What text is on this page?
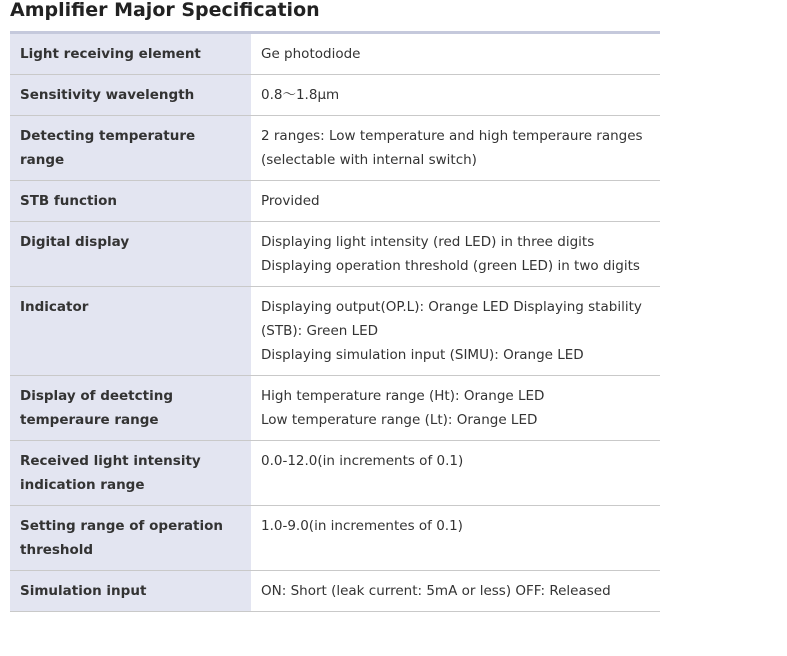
Amplifier Major Specification
Light receiving element	Ge photodiode

Sensitivity wavelength	0.8〜1.8μm

Detecting temperature range	2 ranges: Low temperature and high temperaure ranges
(selectable with internal switch)

STB function	Provided

Digital display	Displaying light intensity (red LED) in three digits
Displaying operation threshold (green LED) in two digits

Indicator	Displaying output(OP.L): Orange LED Displaying stability
(STB): Green LED
Displaying simulation input (SIMU): Orange LED

Display of deetcting temperaure range	High temperature range (Ht): Orange LED
Low temperature range (Lt): Orange LED

Received light intensity indication range	0.0-12.0(in increments of 0.1)

Setting range of operation threshold	1.0-9.0(in incrementes of 0.1)

Simulation input	ON: Short (leak current: 5mA or less) OFF: Released
